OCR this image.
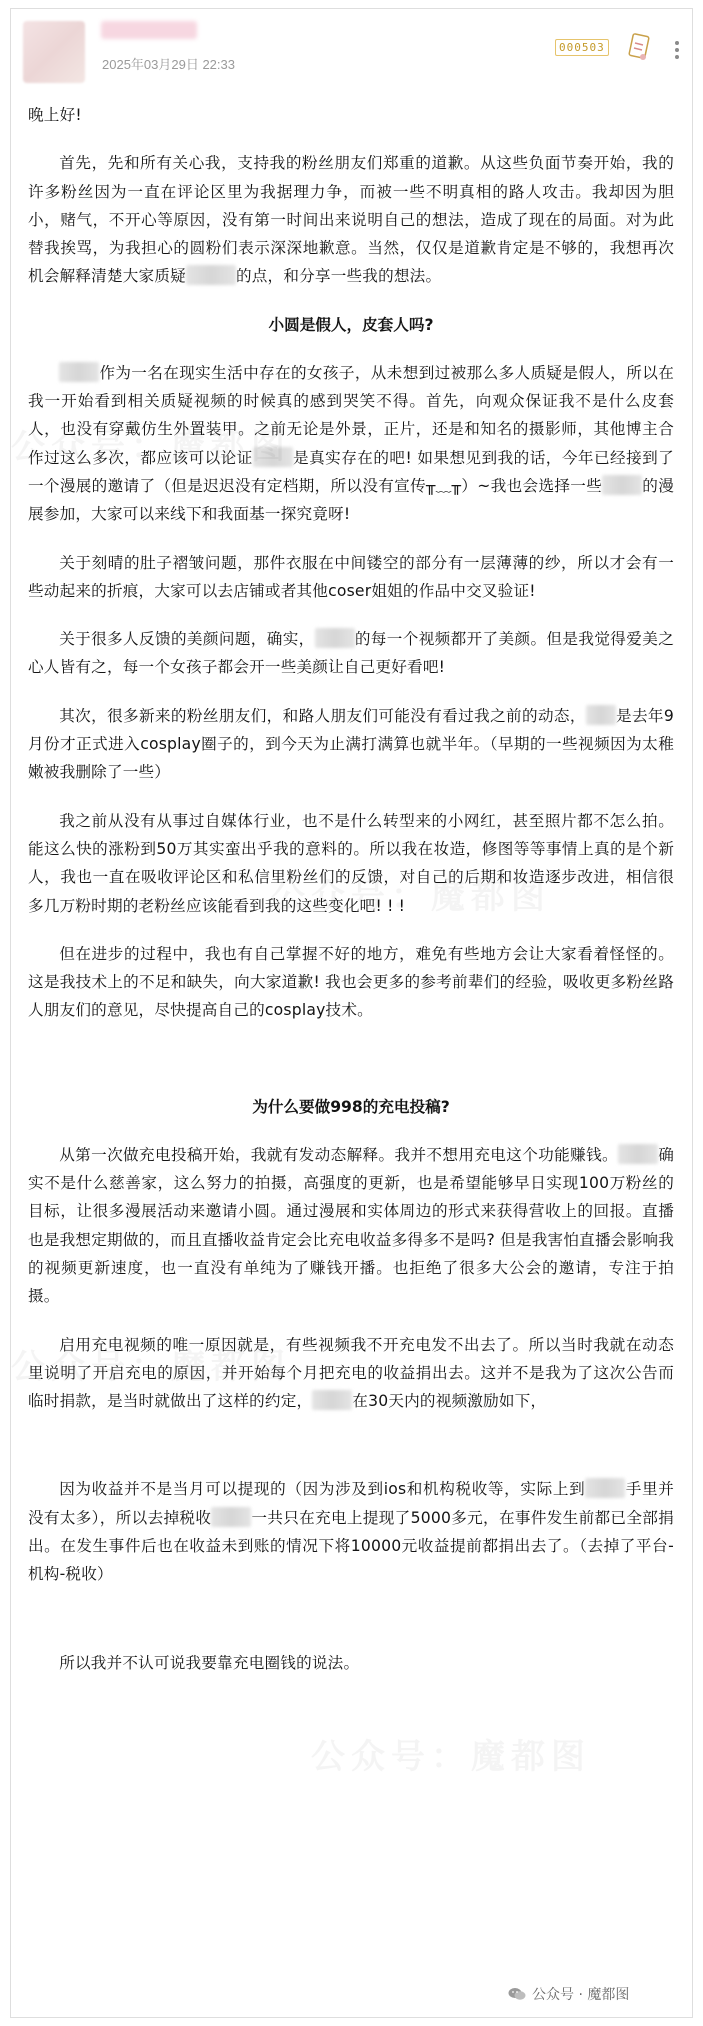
2025年03月29日 22:33
000503

晚上好!

首先，先和所有关心我，支持我的粉丝朋友们郑重的道歉。从这些负面节奏开始，我的许多粉丝因为一直在评论区里为我据理力争，而被一些不明真相的路人攻击。我却因为胆小，赌气，不开心等原因，没有第一时间出来说明自己的想法，造成了现在的局面。对为此替我挨骂，为我担心的圆粉们表示深深地歉意。当然，仅仅是道歉肯定是不够的，我想再次机会解释清楚大家质疑	的点，和分享一些我的想法。

小圆是假人，皮套人吗?

作为一名在现实生活中存在的女孩子，从未想到过被那么多人质疑是假人，所以在我一开始看到相关质疑视频的时候真的感到哭笑不得。首先，向观众保证我不是什么皮套人，也没有穿戴仿生外置装甲。之前无论是外景，正片，还是和知名的摄影师，其他博主合作过这么多次，都应该可以论证	是真实存在的吧! 如果想见到我的话，今年已经接到了一个漫展的邀请了（但是迟迟没有定档期，所以没有宣传╥﹏╥）~我也会选择一些	的漫展参加，大家可以来线下和我面基一探究竟呀!

关于刻晴的肚子褶皱问题，那件衣服在中间镂空的部分有一层薄薄的纱，所以才会有一些动起来的折痕，大家可以去店铺或者其他coser姐姐的作品中交叉验证!

关于很多人反馈的美颜问题，确实，	的每一个视频都开了美颜。但是我觉得爱美之心人皆有之，每一个女孩子都会开一些美颜让自己更好看吧!

其次，很多新来的粉丝朋友们，和路人朋友们可能没有看过我之前的动态， 是去年9月份才正式进入cosplay圈子的，到今天为止满打满算也就半年。（早期的一些视频因为太稚嫩被我删除了一些）

我之前从没有从事过自媒体行业，也不是什么转型来的小网红，甚至照片都不怎么拍。能这么快的涨粉到50万其实蛮出乎我的意料的。所以我在妆造，修图等等事情上真的是个新人，我也一直在吸收评论区和私信里粉丝们的反馈，对自己的后期和妆造逐步改进，相信很多几万粉时期的老粉丝应该能看到我的这些变化吧! ! !

但在进步的过程中，我也有自己掌握不好的地方，难免有些地方会让大家看着怪怪的。这是我技术上的不足和缺失，向大家道歉! 我也会更多的参考前辈们的经验，吸收更多粉丝路人朋友们的意见，尽快提高自己的cosplay技术。

为什么要做998的充电投稿?

从第一次做充电投稿开始，我就有发动态解释。我并不想用充电这个功能赚钱。	确实不是什么慈善家，这么努力的拍摄，高强度的更新，也是希望能够早日实现100万粉丝的目标，让很多漫展活动来邀请小圆。通过漫展和实体周边的形式来获得营收上的回报。直播也是我想定期做的，而且直播收益肯定会比充电收益多得多不是吗? 但是我害怕直播会影响我的视频更新速度，也一直没有单纯为了赚钱开播。也拒绝了很多大公会的邀请，专注于拍摄。

启用充电视频的唯一原因就是，有些视频我不开充电发不出去了。所以当时我就在动态里说明了开启充电的原因，并开始每个月把充电的收益捐出去。这并不是我为了这次公告而临时捐款，是当时就做出了这样的约定，	在30天内的视频激励如下，

因为收益并不是当月可以提现的（因为涉及到ios和机构税收等，实际上到	手里并没有太多），所以去掉税收	一共只在充电上提现了5000多元，在事件发生前都已全部捐出。在发生事件后也在收益未到账的情况下将10000元收益提前都捐出去了。（去掉了平台-机构-税收）

所以我并不认可说我要靠充电圈钱的说法。

公众号 · 魔都图
